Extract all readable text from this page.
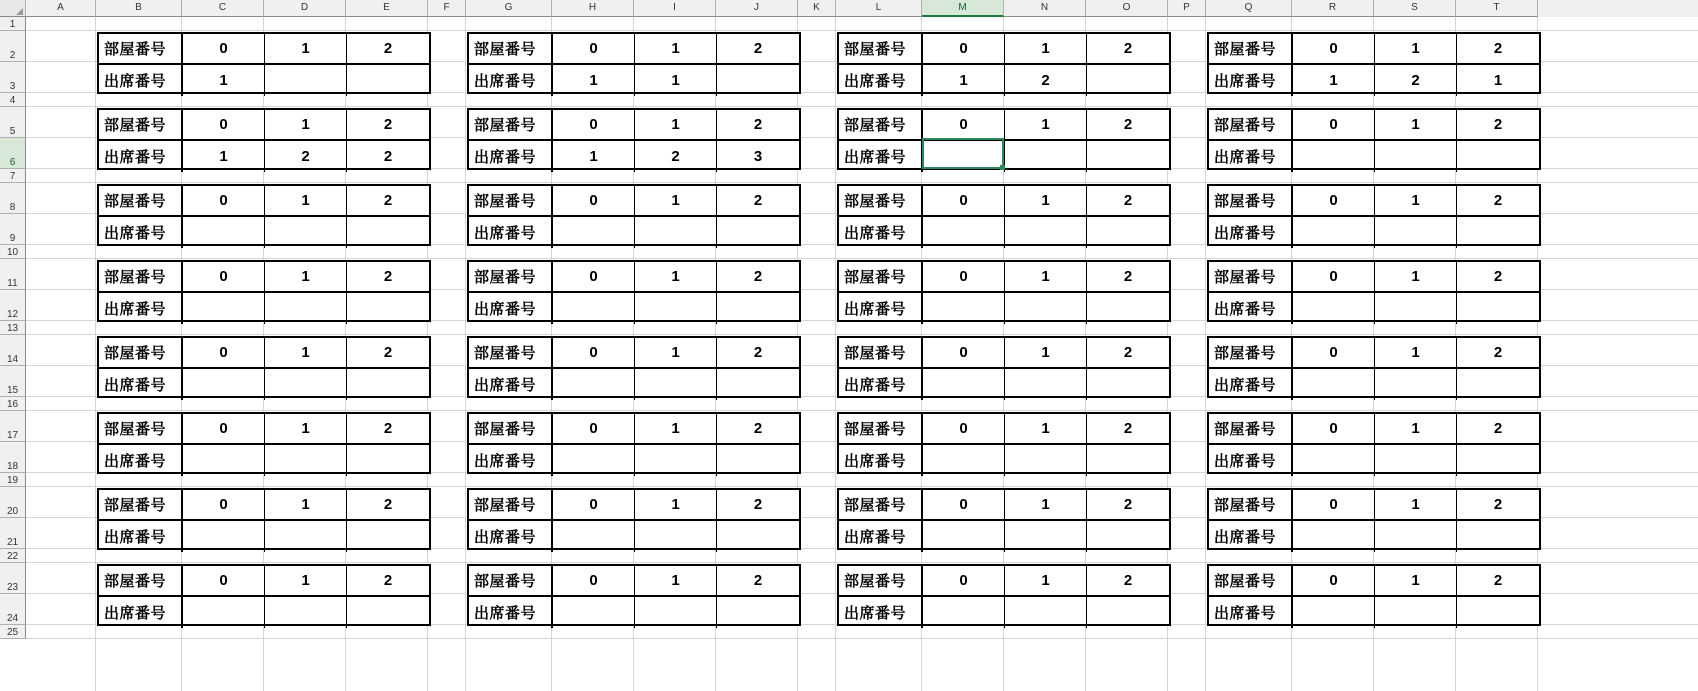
A	B	C	D	E	F	G	H	I	J	K	L	M	N	O	P	Q	R	S	T
1
2
3
4
5
6
7
8
9
10
11
12
13
14
15
16
17
18
19
20
21
22
23
24
25
部屋番号	0	1	2
出席番号	1
部屋番号	0	1	2
出席番号	1	1
部屋番号	0	1	2
出席番号	1	2
部屋番号	0	1	2
出席番号	1	2	1
部屋番号	0	1	2
出席番号	1	2	2
部屋番号	0	1	2
出席番号	1	2	3
部屋番号	0	1	2
出席番号
部屋番号	0	1	2
出席番号
部屋番号	0	1	2
出席番号
部屋番号	0	1	2
出席番号
部屋番号	0	1	2
出席番号
部屋番号	0	1	2
出席番号
部屋番号	0	1	2
出席番号
部屋番号	0	1	2
出席番号
部屋番号	0	1	2
出席番号
部屋番号	0	1	2
出席番号
部屋番号	0	1	2
出席番号
部屋番号	0	1	2
出席番号
部屋番号	0	1	2
出席番号
部屋番号	0	1	2
出席番号
部屋番号	0	1	2
出席番号
部屋番号	0	1	2
出席番号
部屋番号	0	1	2
出席番号
部屋番号	0	1	2
出席番号
部屋番号	0	1	2
出席番号
部屋番号	0	1	2
出席番号
部屋番号	0	1	2
出席番号
部屋番号	0	1	2
出席番号
部屋番号	0	1	2
出席番号
部屋番号	0	1	2
出席番号
部屋番号	0	1	2
出席番号
部屋番号	0	1	2
出席番号
